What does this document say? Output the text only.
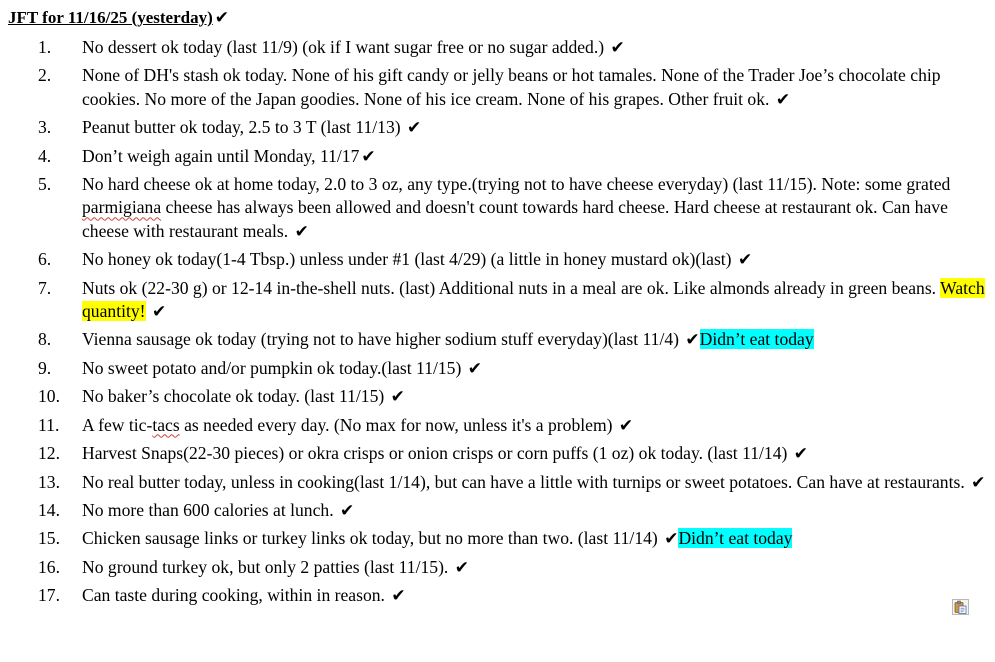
JFT for 11/16/25 (yesterday) ✔
1.	No dessert ok today (last 11/9) (ok if I want sugar free or no sugar added.) ✔
2.	None of DH's stash ok today. None of his gift candy or jelly beans or hot tamales. None of the Trader Joe’s chocolate chip cookies. No more of the Japan goodies. None of his ice cream. None of his grapes. Other fruit ok. ✔
3.	Peanut butter ok today, 2.5 to 3 T (last 11/13) ✔
4.	Don’t weigh again until Monday, 11/17 ✔
5.	No hard cheese ok at home today, 2.0 to 3 oz, any type.(trying not to have cheese everyday) (last 11/15). Note: some grated parmigiana cheese has always been allowed and doesn't count towards hard cheese. Hard cheese at restaurant ok. Can have cheese with restaurant meals. ✔
6.	No honey ok today(1-4 Tbsp.) unless under #1 (last 4/29) (a little in honey mustard ok)(last) ✔
7.	Nuts ok (22-30 g) or 12-14 in-the-shell nuts. (last) Additional nuts in a meal are ok. Like almonds already in green beans. Watch quantity! ✔
8.	Vienna sausage ok today (trying not to have higher sodium stuff everyday)(last 11/4) ✔Didn’t eat today
9.	No sweet potato and/or pumpkin ok today.(last 11/15) ✔
10.	No baker’s chocolate ok today. (last 11/15) ✔
11.	A few tic-tacs as needed every day. (No max for now, unless it's a problem) ✔
12.	Harvest Snaps(22-30 pieces) or okra crisps or onion crisps or corn puffs (1 oz) ok today. (last 11/14) ✔
13.	No real butter today, unless in cooking(last 1/14), but can have a little with turnips or sweet potatoes. Can have at restaurants. ✔
14.	No more than 600 calories at lunch. ✔
15.	Chicken sausage links or turkey links ok today, but no more than two. (last 11/14) ✔Didn’t eat today
16.	No ground turkey ok, but only 2 patties (last 11/15). ✔
17.	Can taste during cooking, within in reason. ✔
